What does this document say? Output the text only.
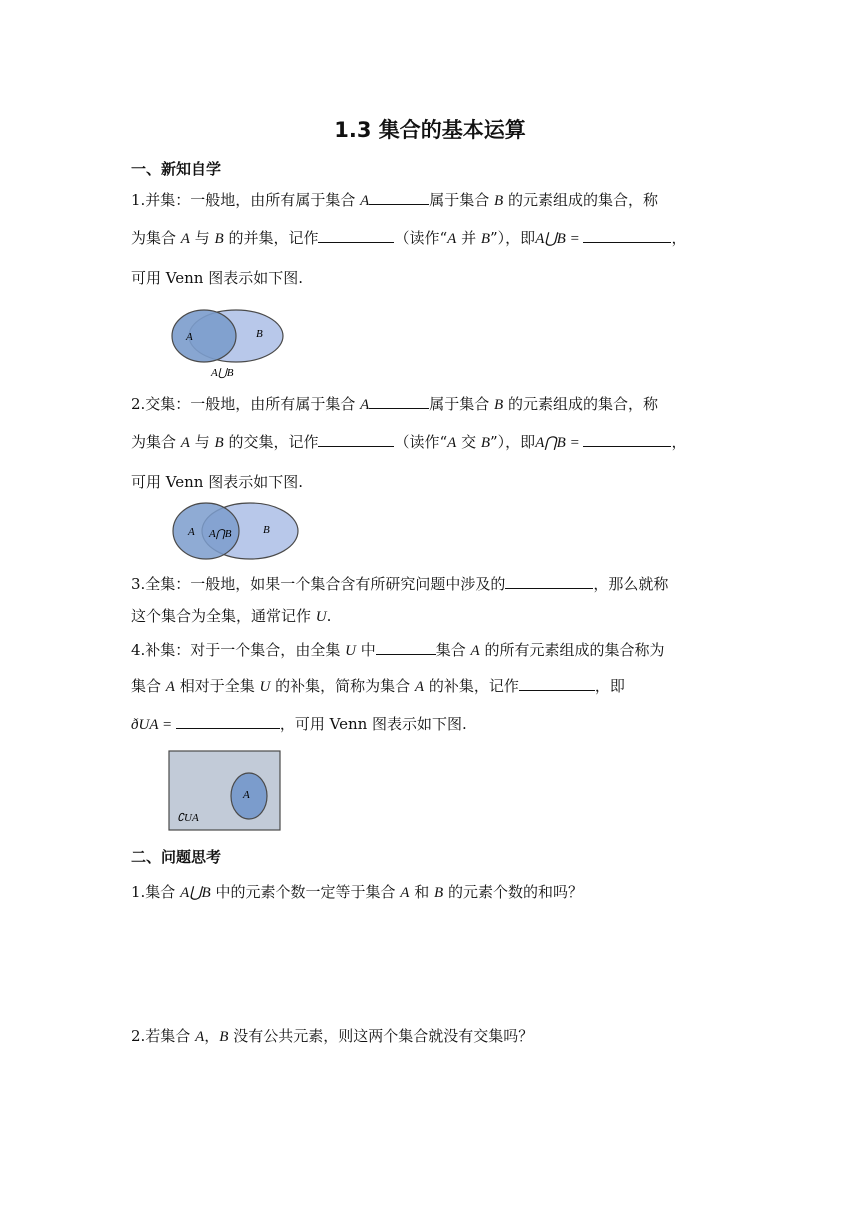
1.3 集合的基本运算
一、新知自学
1.并集：一般地，由所有属于集合 A	属于集合 B 的元素组成的集合，称
为集合 A 与 B 的并集，记作	（读作“A 并 B”），即A⋃B =	，
可用 Venn 图表示如下图.
A	B
A⋃B
2.交集：一般地，由所有属于集合 A	属于集合 B 的元素组成的集合，称
为集合 A 与 B 的交集，记作	（读作“A 交 B”），即A⋂B =	，
可用 Venn 图表示如下图.
A A⋂B	B
3.全集：一般地，如果一个集合含有所研究问题中涉及的	，那么就称
这个集合为全集，通常记作 U.
4.补集：对于一个集合，由全集 U 中	集合 A 的所有元素组成的集合称为
集合 A 相对于全集 U 的补集，简称为集合 A 的补集，记作	，即
ðUA =	，可用 Venn 图表示如下图.
A
∁UA
二、问题思考
1.集合 A⋃B 中的元素个数一定等于集合 A 和 B 的元素个数的和吗？
2.若集合 A，B 没有公共元素，则这两个集合就没有交集吗？
